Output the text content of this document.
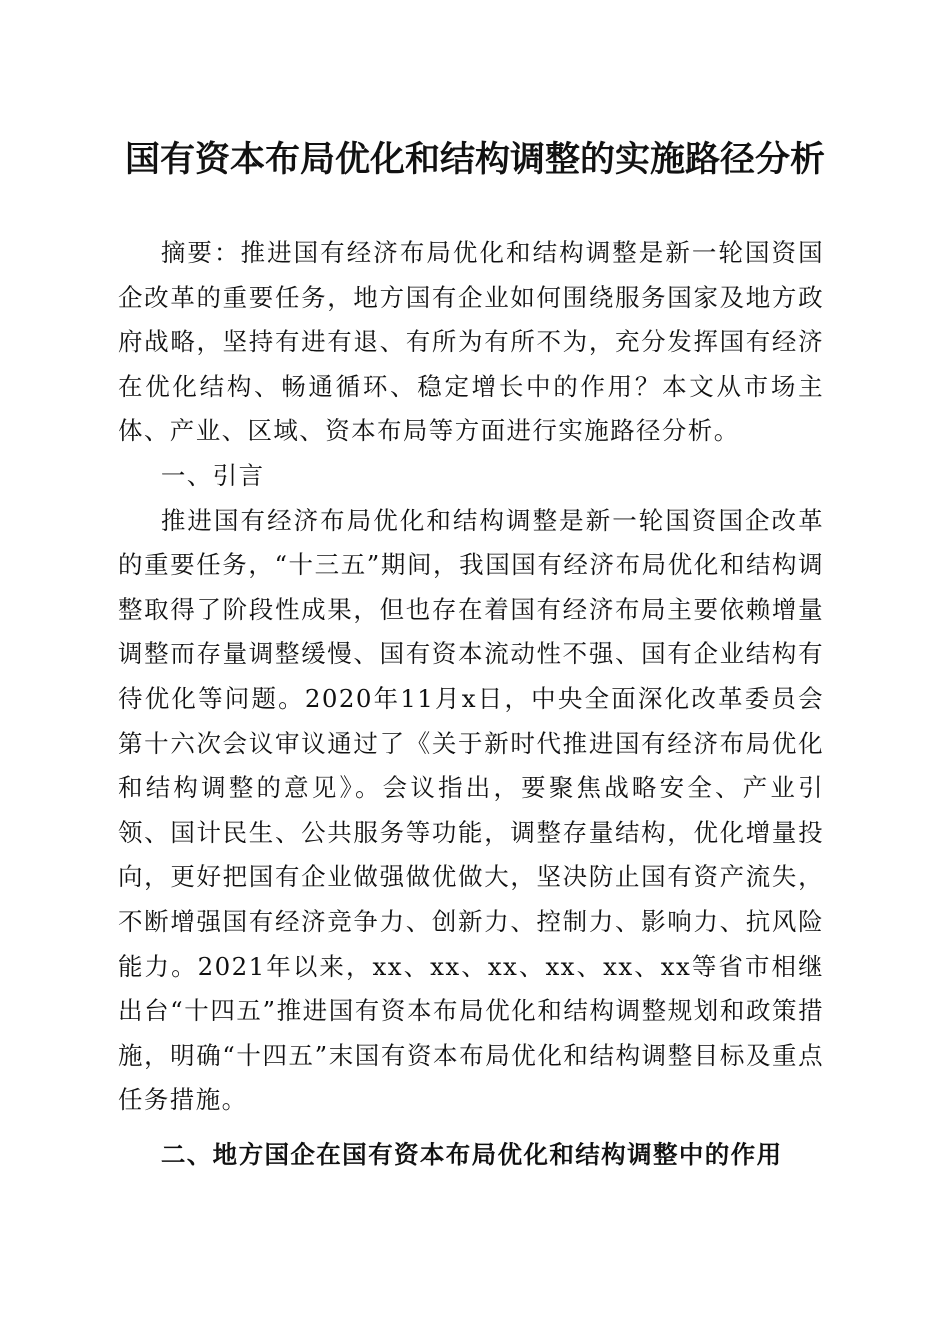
国有资本布局优化和结构调整的实施路径分析

摘要：推进国有经济布局优化和结构调整是新一轮国资国企改革的重要任务，地方国有企业如何围绕服务国家及地方政府战略，坚持有进有退、有所为有所不为，充分发挥国有经济在优化结构、畅通循环、稳定增长中的作用？本文从市场主体、产业、区域、资本布局等方面进行实施路径分析。

一、引言

推进国有经济布局优化和结构调整是新一轮国资国企改革的重要任务，“十三五”期间，我国国有经济布局优化和结构调整取得了阶段性成果，但也存在着国有经济布局主要依赖增量调整而存量调整缓慢、国有资本流动性不强、国有企业结构有待优化等问题。2020年11月x日，中央全面深化改革委员会第十六次会议审议通过了《关于新时代推进国有经济布局优化和结构调整的意见》。会议指出，要聚焦战略安全、产业引领、国计民生、公共服务等功能，调整存量结构，优化增量投向，更好把国有企业做强做优做大，坚决防止国有资产流失，不断增强国有经济竞争力、创新力、控制力、影响力、抗风险能力。2021年以来，xx、xx、xx、xx、xx、xx等省市相继出台“十四五”推进国有资本布局优化和结构调整规划和政策措施，明确“十四五”末国有资本布局优化和结构调整目标及重点任务措施。

二、地方国企在国有资本布局优化和结构调整中的作用
